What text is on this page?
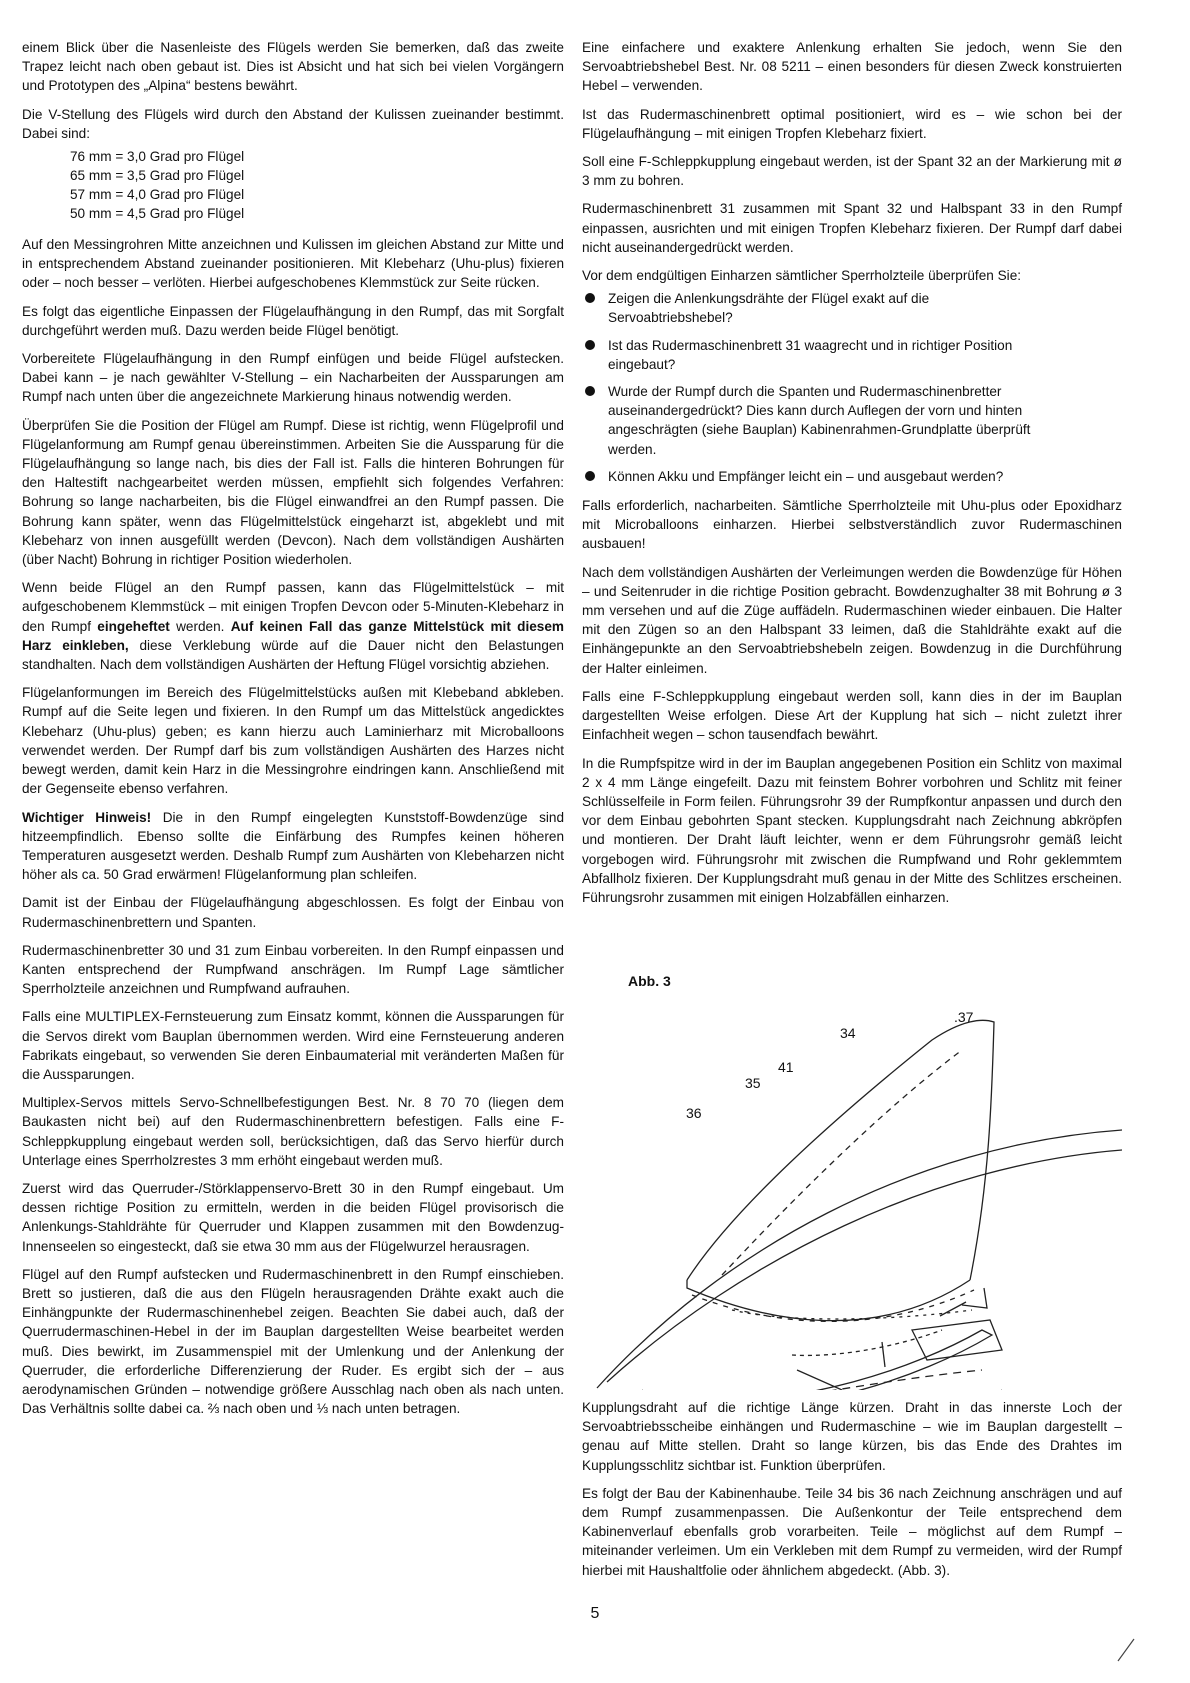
einem Blick über die Nasenleiste des Flügels werden Sie bemerken, daß das zweite Trapez leicht nach oben gebaut ist. Dies ist Absicht und hat sich bei vielen Vorgängern und Prototypen des „Alpina“ bestens bewährt.

Die V-Stellung des Flügels wird durch den Abstand der Kulissen zueinander bestimmt. Dabei sind:

76 mm = 3,0 Grad pro Flügel
65 mm = 3,5 Grad pro Flügel
57 mm = 4,0 Grad pro Flügel
50 mm = 4,5 Grad pro Flügel

Auf den Messingrohren Mitte anzeichnen und Kulissen im gleichen Abstand zur Mitte und in entsprechendem Abstand zueinander positionieren. Mit Klebeharz (Uhu-plus) fixieren oder – noch besser – verlöten. Hierbei aufgeschobenes Klemmstück zur Seite rücken.

Es folgt das eigentliche Einpassen der Flügelaufhängung in den Rumpf, das mit Sorgfalt durchgeführt werden muß. Dazu werden beide Flügel benötigt.

Vorbereitete Flügelaufhängung in den Rumpf einfügen und beide Flügel aufstecken. Dabei kann – je nach gewählter V-Stellung – ein Nacharbeiten der Aussparungen am Rumpf nach unten über die angezeichnete Markierung hinaus notwendig werden.

Überprüfen Sie die Position der Flügel am Rumpf. Diese ist richtig, wenn Flügelprofil und Flügelanformung am Rumpf genau übereinstimmen. Arbeiten Sie die Aussparung für die Flügelaufhängung so lange nach, bis dies der Fall ist. Falls die hinteren Bohrungen für den Haltestift nachgearbeitet werden müssen, empfiehlt sich folgendes Verfahren: Bohrung so lange nacharbeiten, bis die Flügel einwandfrei an den Rumpf passen. Die Bohrung kann später, wenn das Flügelmittelstück eingeharzt ist, abgeklebt und mit Klebeharz von innen ausgefüllt werden (Devcon). Nach dem vollständigen Aushärten (über Nacht) Bohrung in richtiger Position wiederholen.

Wenn beide Flügel an den Rumpf passen, kann das Flügelmittelstück – mit aufgeschobenem Klemmstück – mit einigen Tropfen Devcon oder 5-Minuten-Klebeharz in den Rumpf eingeheftet werden. Auf keinen Fall das ganze Mittelstück mit diesem Harz einkleben, diese Verklebung würde auf die Dauer nicht den Belastungen standhalten. Nach dem vollständigen Aushärten der Heftung Flügel vorsichtig abziehen.

Flügelanformungen im Bereich des Flügelmittelstücks außen mit Klebeband abkleben. Rumpf auf die Seite legen und fixieren. In den Rumpf um das Mittelstück angedicktes Klebeharz (Uhu-plus) geben; es kann hierzu auch Laminierharz mit Microballoons verwendet werden. Der Rumpf darf bis zum vollständigen Aushärten des Harzes nicht bewegt werden, damit kein Harz in die Messingrohre eindringen kann. Anschließend mit der Gegenseite ebenso verfahren.

Wichtiger Hinweis! Die in den Rumpf eingelegten Kunststoff-Bowdenzüge sind hitzeempfindlich. Ebenso sollte die Einfärbung des Rumpfes keinen höheren Temperaturen ausgesetzt werden. Deshalb Rumpf zum Aushärten von Klebeharzen nicht höher als ca. 50 Grad erwärmen! Flügelanformung plan schleifen.

Damit ist der Einbau der Flügelaufhängung abgeschlossen. Es folgt der Einbau von Rudermaschinenbrettern und Spanten.

Rudermaschinenbretter 30 und 31 zum Einbau vorbereiten. In den Rumpf einpassen und Kanten entsprechend der Rumpfwand anschrägen. Im Rumpf Lage sämtlicher Sperrholzteile anzeichnen und Rumpfwand aufrauhen.

Falls eine MULTIPLEX-Fernsteuerung zum Einsatz kommt, können die Aussparungen für die Servos direkt vom Bauplan übernommen werden. Wird eine Fernsteuerung anderen Fabrikats eingebaut, so verwenden Sie deren Einbaumaterial mit veränderten Maßen für die Aussparungen.

Multiplex-Servos mittels Servo-Schnellbefestigungen Best. Nr. 8 70 70 (liegen dem Baukasten nicht bei) auf den Rudermaschinenbrettern befestigen. Falls eine F-Schleppkupplung eingebaut werden soll, berücksichtigen, daß das Servo hierfür durch Unterlage eines Sperrholzrestes 3 mm erhöht eingebaut werden muß.

Zuerst wird das Querruder-/Störklappenservo-Brett 30 in den Rumpf eingebaut. Um dessen richtige Position zu ermitteln, werden in die beiden Flügel provisorisch die Anlenkungs-Stahldrähte für Querruder und Klappen zusammen mit den Bowdenzug-Innenseelen so eingesteckt, daß sie etwa 30 mm aus der Flügelwurzel herausragen.

Flügel auf den Rumpf aufstecken und Rudermaschinenbrett in den Rumpf einschieben. Brett so justieren, daß die aus den Flügeln herausragenden Drähte exakt auch die Einhängpunkte der Rudermaschinenhebel zeigen. Beachten Sie dabei auch, daß der Querrudermaschinen-Hebel in der im Bauplan dargestellten Weise bearbeitet werden muß. Dies bewirkt, im Zusammenspiel mit der Umlenkung und der Anlenkung der Querruder, die erforderliche Differenzierung der Ruder. Es ergibt sich der – aus aerodynamischen Gründen – notwendige größere Ausschlag nach oben als nach unten. Das Verhältnis sollte dabei ca. ⅔ nach oben und ⅓ nach unten betragen.

Eine einfachere und exaktere Anlenkung erhalten Sie jedoch, wenn Sie den Servoabtriebshebel Best. Nr. 08 5211 – einen besonders für diesen Zweck konstruierten Hebel – verwenden.

Ist das Rudermaschinenbrett optimal positioniert, wird es – wie schon bei der Flügelaufhängung – mit einigen Tropfen Klebeharz fixiert.

Soll eine F-Schleppkupplung eingebaut werden, ist der Spant 32 an der Markierung mit ø 3 mm zu bohren.

Rudermaschinenbrett 31 zusammen mit Spant 32 und Halbspant 33 in den Rumpf einpassen, ausrichten und mit einigen Tropfen Klebeharz fixieren. Der Rumpf darf dabei nicht auseinandergedrückt werden.

Vor dem endgültigen Einharzen sämtlicher Sperrholzteile überprüfen Sie:

Zeigen die Anlenkungsdrähte der Flügel exakt auf die Servoabtriebshebel?
Ist das Rudermaschinenbrett 31 waagrecht und in richtiger Position eingebaut?
Wurde der Rumpf durch die Spanten und Rudermaschinenbretter auseinandergedrückt? Dies kann durch Auflegen der vorn und hinten angeschrägten (siehe Bauplan) Kabinenrahmen-Grundplatte überprüft werden.
Können Akku und Empfänger leicht ein – und ausgebaut werden?

Falls erforderlich, nacharbeiten. Sämtliche Sperrholzteile mit Uhu-plus oder Epoxidharz mit Microballoons einharzen. Hierbei selbstverständlich zuvor Rudermaschinen ausbauen!

Nach dem vollständigen Aushärten der Verleimungen werden die Bowdenzüge für Höhen – und Seitenruder in die richtige Position gebracht. Bowdenzughalter 38 mit Bohrung ø 3 mm versehen und auf die Züge auffädeln. Rudermaschinen wieder einbauen. Die Halter mit den Zügen so an den Halbspant 33 leimen, daß die Stahldrähte exakt auf die Einhängepunkte an den Servoabtriebshebeln zeigen. Bowdenzug in die Durchführung der Halter einleimen.

Falls eine F-Schleppkupplung eingebaut werden soll, kann dies in der im Bauplan dargestellten Weise erfolgen. Diese Art der Kupplung hat sich – nicht zuletzt ihrer Einfachheit wegen – schon tausendfach bewährt.

In die Rumpfspitze wird in der im Bauplan angegebenen Position ein Schlitz von maximal 2 x 4 mm Länge eingefeilt. Dazu mit feinstem Bohrer vorbohren und Schlitz mit feiner Schlüsselfeile in Form feilen. Führungsrohr 39 der Rumpfkontur anpassen und durch den vor dem Einbau gebohrten Spant stecken. Kupplungsdraht nach Zeichnung abkröpfen und montieren. Der Draht läuft leichter, wenn er dem Führungsrohr gemäß leicht vorgebogen wird. Führungsrohr mit zwischen die Rumpfwand und Rohr geklemmtem Abfallholz fixieren. Der Kupplungsdraht muß genau in der Mitte des Schlitzes erscheinen. Führungsrohr zusammen mit einigen Holzabfällen einharzen.

Abb. 3
34
.37
41
35
36

Kupplungsdraht auf die richtige Länge kürzen. Draht in das innerste Loch der Servoabtriebsscheibe einhängen und Rudermaschine – wie im Bauplan dargestellt – genau auf Mitte stellen. Draht so lange kürzen, bis das Ende des Drahtes im Kupplungsschlitz sichtbar ist. Funktion überprüfen.

Es folgt der Bau der Kabinenhaube. Teile 34 bis 36 nach Zeichnung anschrägen und auf dem Rumpf zusammenpassen. Die Außenkontur der Teile entsprechend dem Kabinenverlauf ebenfalls grob vorarbeiten. Teile – möglichst auf dem Rumpf – miteinander verleimen. Um ein Verkleben mit dem Rumpf zu vermeiden, wird der Rumpf hierbei mit Haushaltfolie oder ähnlichem abgedeckt. (Abb. 3).

5
